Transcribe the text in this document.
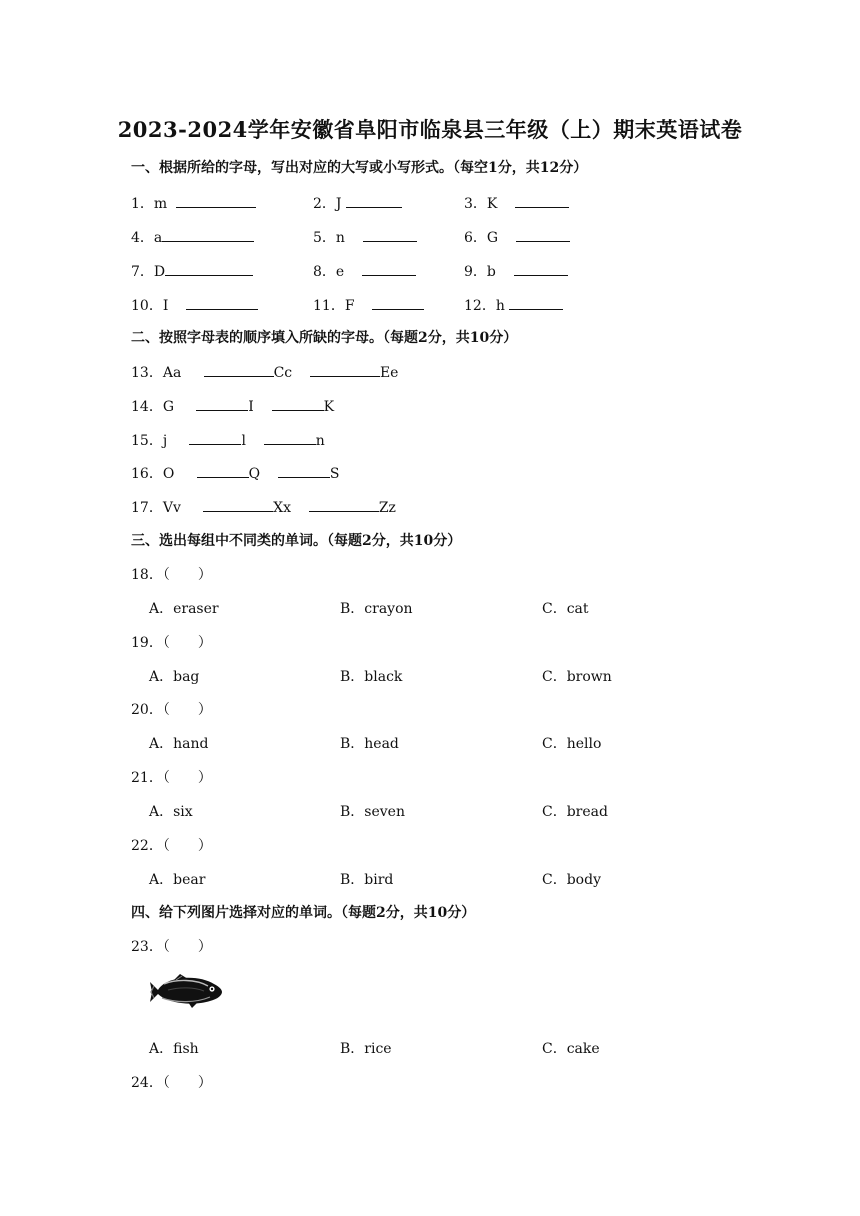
2023-2024学年安徽省阜阳市临泉县三年级（上）期末英语试卷
一、根据所给的字母，写出对应的大写或小写形式。（每空1分，共12分）
1．m	2．J	3．K
4．a	5．n	6．G
7．D	8．e	9．b
10．I	11．F	12．h
二、按照字母表的顺序填入所缺的字母。（每题2分，共10分）
13．Aa	Cc	Ee
14．G	I	K
15．j	l	n
16．O	Q	S
17．Vv	Xx	Zz
三、选出每组中不同类的单词。（每题2分，共10分）
18．（　　）
A．eraser	B．crayon	C．cat
19．（　　）
A．bag	B．black	C．brown
20．（　　）
A．hand	B．head	C．hello
21．（　　）
A．six	B．seven	C．bread
22．（　　）
A．bear	B．bird	C．body
四、给下列图片选择对应的单词。（每题2分，共10分）
23．（　　）
A．fish	B．rice	C．cake
24．（　　）
